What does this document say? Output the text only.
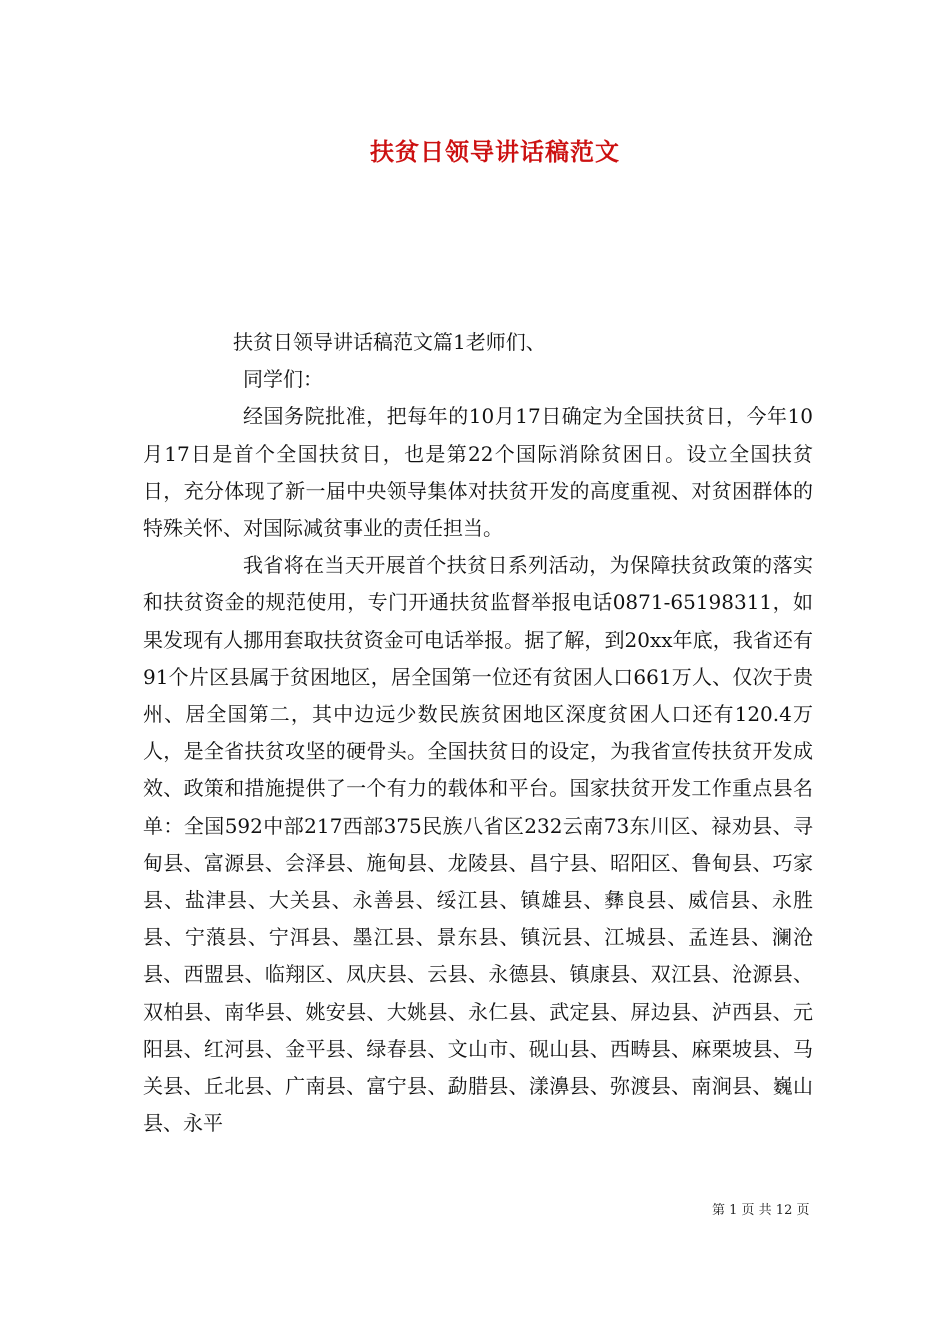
扶贫日领导讲话稿范文

扶贫日领导讲话稿范文篇1老师们、

同学们：

经国务院批准，把每年的10月17日确定为全国扶贫日，今年10月17日是首个全国扶贫日，也是第22个国际消除贫困日。设立全国扶贫日，充分体现了新一届中央领导集体对扶贫开发的高度重视、对贫困群体的特殊关怀、对国际减贫事业的责任担当。

我省将在当天开展首个扶贫日系列活动，为保障扶贫政策的落实和扶贫资金的规范使用，专门开通扶贫监督举报电话0871-65198311，如果发现有人挪用套取扶贫资金可电话举报。据了解，到20xx年底，我省还有91个片区县属于贫困地区，居全国第一位还有贫困人口661万人、仅次于贵州、居全国第二，其中边远少数民族贫困地区深度贫困人口还有120.4万人，是全省扶贫攻坚的硬骨头。全国扶贫日的设定，为我省宣传扶贫开发成效、政策和措施提供了一个有力的载体和平台。国家扶贫开发工作重点县名单：全国592中部217西部375民族八省区232云南73东川区、禄劝县、寻甸县、富源县、会泽县、施甸县、龙陵县、昌宁县、昭阳区、鲁甸县、巧家县、盐津县、大关县、永善县、绥江县、镇雄县、彝良县、威信县、永胜县、宁蒗县、宁洱县、墨江县、景东县、镇沅县、江城县、孟连县、澜沧县、西盟县、临翔区、凤庆县、云县、永德县、镇康县、双江县、沧源县、双柏县、南华县、姚安县、大姚县、永仁县、武定县、屏边县、泸西县、元阳县、红河县、金平县、绿春县、文山市、砚山县、西畴县、麻栗坡县、马关县、丘北县、广南县、富宁县、勐腊县、漾濞县、弥渡县、南涧县、巍山县、永平

第 1 页 共 12 页
